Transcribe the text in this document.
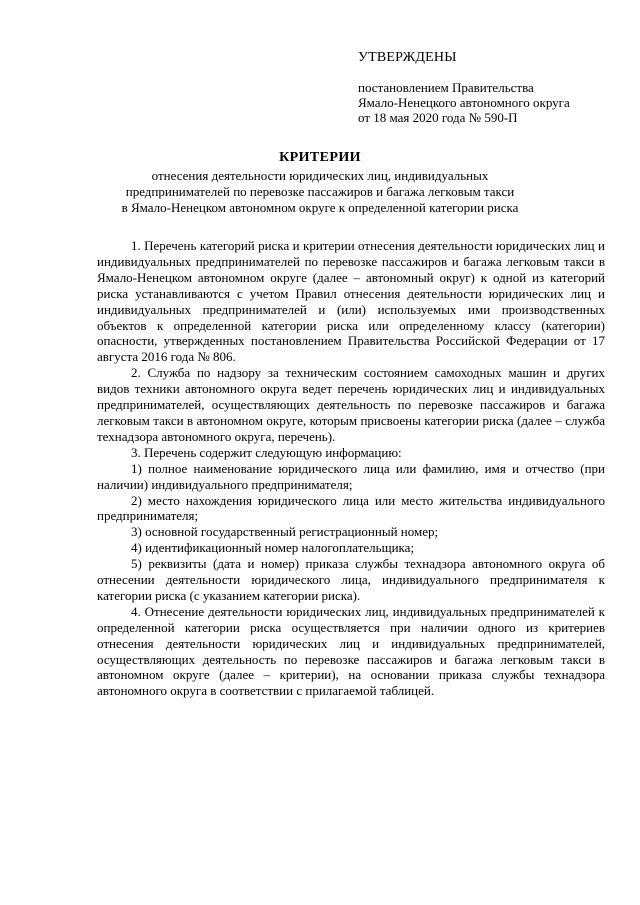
УТВЕРЖДЕНЫ
постановлением Правительства
Ямало-Ненецкого автономного округа
от 18 мая 2020 года № 590-П
КРИТЕРИИ
отнесения деятельности юридических лиц, индивидуальных
предпринимателей по перевозке пассажиров и багажа легковым такси
в Ямало-Ненецком автономном округе к определенной категории риска

1. Перечень категорий риска и критерии отнесения деятельности юридических лиц и индивидуальных предпринимателей по перевозке пассажиров и багажа легковым такси в Ямало-Ненецком автономном округе (далее – автономный округ) к одной из категорий риска устанавливаются с учетом Правил отнесения деятельности юридических лиц и индивидуальных предпринимателей и (или) используемых ими производственных объектов к определенной категории риска или определенному классу (категории) опасности, утвержденных постановлением Правительства Российской Федерации от 17 августа 2016 года № 806.

2. Служба по надзору за техническим состоянием самоходных машин и других видов техники автономного округа ведет перечень юридических лиц и индивидуальных предпринимателей, осуществляющих деятельность по перевозке пассажиров и багажа легковым такси в автономном округе, которым присвоены категории риска (далее – служба технадзора автономного округа, перечень).

3. Перечень содержит следующую информацию:

1) полное наименование юридического лица или фамилию, имя и отчество (при наличии) индивидуального предпринимателя;

2) место нахождения юридического лица или место жительства индивидуального предпринимателя;

3) основной государственный регистрационный номер;

4) идентификационный номер налогоплательщика;

5) реквизиты (дата и номер) приказа службы технадзора автономного округа об отнесении деятельности юридического лица, индивидуального предпринимателя к категории риска (с указанием категории риска).

4. Отнесение деятельности юридических лиц, индивидуальных предпринимателей к определенной категории риска осуществляется при наличии одного из критериев отнесения деятельности юридических лиц и индивидуальных предпринимателей, осуществляющих деятельность по перевозке пассажиров и багажа легковым такси в автономном округе (далее – критерии), на основании приказа службы технадзора автономного округа в соответствии с прилагаемой таблицей.
